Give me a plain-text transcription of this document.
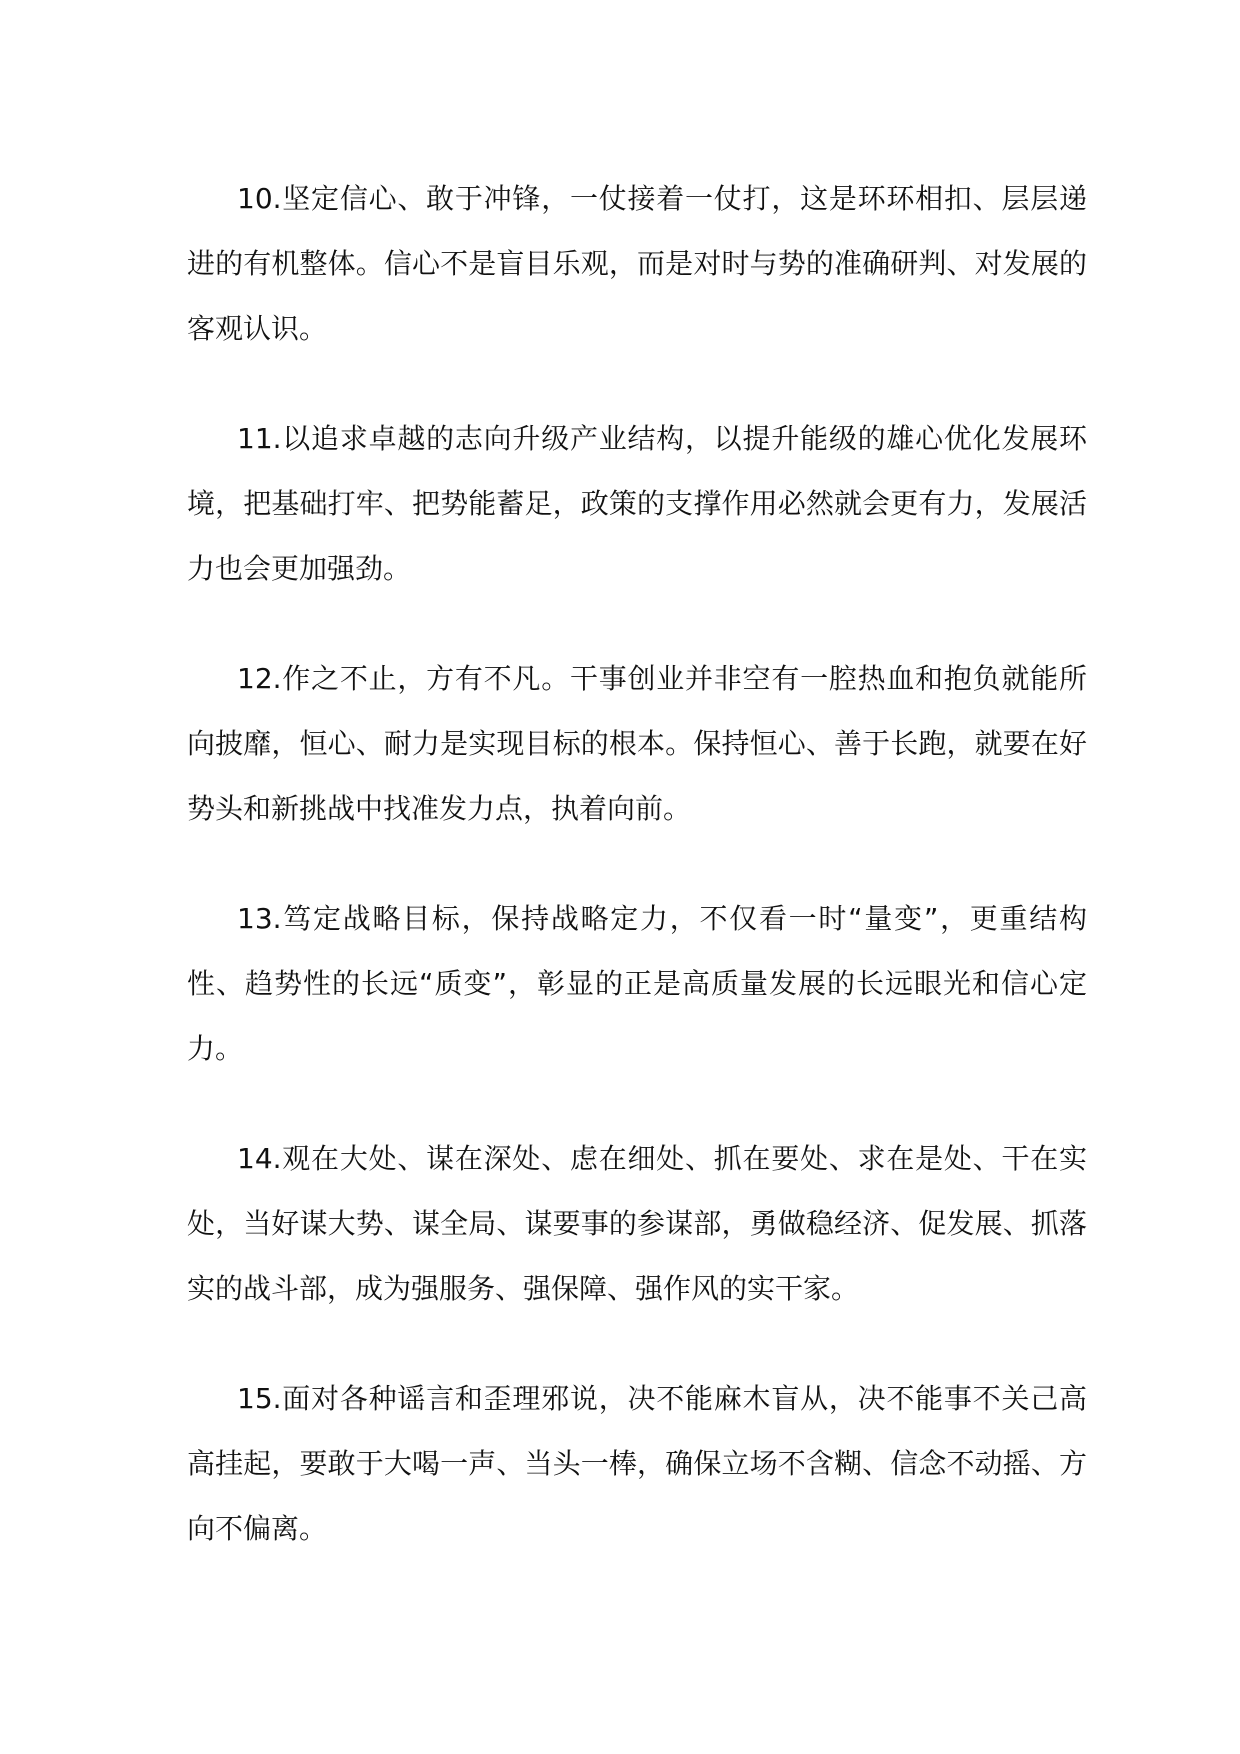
10.坚定信心、敢于冲锋，一仗接着一仗打，这是环环相扣、层层递进的有机整体。信心不是盲目乐观，而是对时与势的准确研判、对发展的客观认识。

11.以追求卓越的志向升级产业结构，以提升能级的雄心优化发展环境，把基础打牢、把势能蓄足，政策的支撑作用必然就会更有力，发展活力也会更加强劲。

12.作之不止，方有不凡。干事创业并非空有一腔热血和抱负就能所向披靡，恒心、耐力是实现目标的根本。保持恒心、善于长跑，就要在好势头和新挑战中找准发力点，执着向前。

13.笃定战略目标，保持战略定力，不仅看一时“量变”，更重结构性、趋势性的长远“质变”，彰显的正是高质量发展的长远眼光和信心定力。

14.观在大处、谋在深处、虑在细处、抓在要处、求在是处、干在实处，当好谋大势、谋全局、谋要事的参谋部，勇做稳经济、促发展、抓落实的战斗部，成为强服务、强保障、强作风的实干家。

15.面对各种谣言和歪理邪说，决不能麻木盲从，决不能事不关己高高挂起，要敢于大喝一声、当头一棒，确保立场不含糊、信念不动摇、方向不偏离。
